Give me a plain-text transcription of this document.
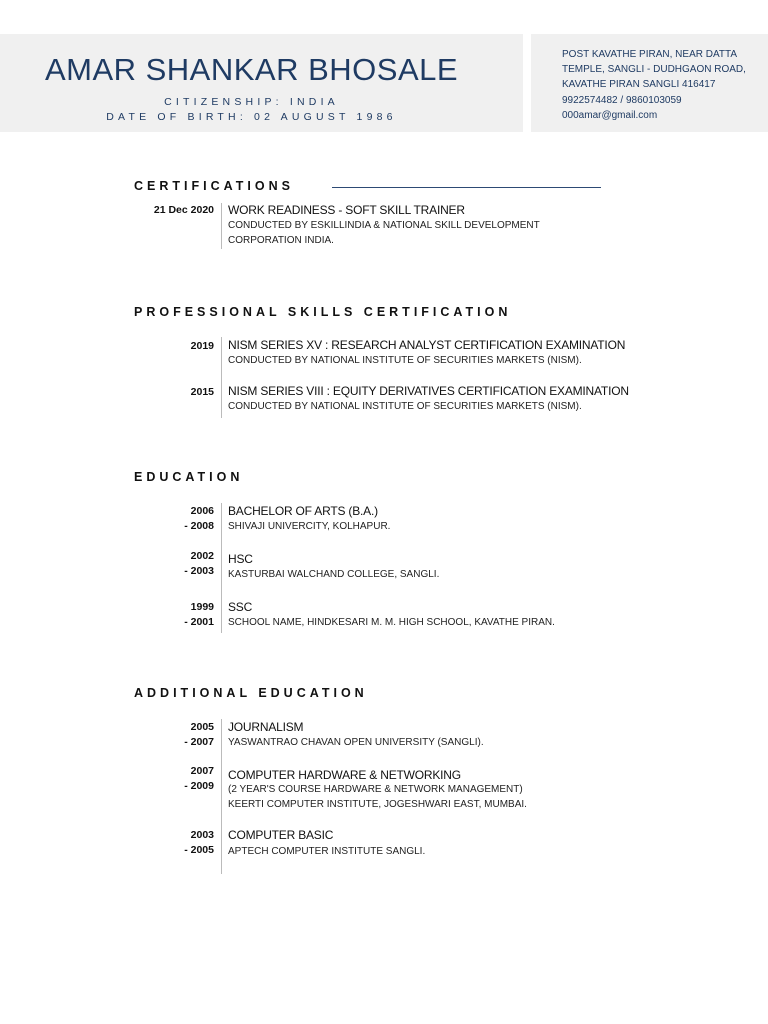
AMAR SHANKAR BHOSALE
CITIZENSHIP: INDIA
DATE OF BIRTH: 02 AUGUST 1986
POST KAVATHE PIRAN, NEAR DATTA
TEMPLE, SANGLI - DUDHGAON ROAD,
KAVATHE PIRAN SANGLI 416417
9922574482 / 9860103059
000amar@gmail.com
CERTIFICATIONS
21 Dec 2020 WORK READINESS - SOFT SKILL TRAINER
CONDUCTED BY ESKILLINDIA & NATIONAL SKILL DEVELOPMENT
CORPORATION INDIA.
PROFESSIONAL SKILLS CERTIFICATION
2019 NISM SERIES XV : RESEARCH ANALYST CERTIFICATION EXAMINATION
CONDUCTED BY NATIONAL INSTITUTE OF SECURITIES MARKETS (NISM).
2015 NISM SERIES VIII : EQUITY DERIVATIVES CERTIFICATION EXAMINATION
CONDUCTED BY NATIONAL INSTITUTE OF SECURITIES MARKETS (NISM).
EDUCATION
2006
- 2008
BACHELOR OF ARTS (B.A.)
SHIVAJI UNIVERCITY, KOLHAPUR.
2002
- 2003
HSC
KASTURBAI WALCHAND COLLEGE, SANGLI.
1999
- 2001
SSC
SCHOOL NAME, HINDKESARI M. M. HIGH SCHOOL, KAVATHE PIRAN.
ADDITIONAL EDUCATION
2005
- 2007
JOURNALISM
YASWANTRAO CHAVAN OPEN UNIVERSITY (SANGLI).
2007
- 2009
COMPUTER HARDWARE & NETWORKING
(2 YEAR'S COURSE HARDWARE & NETWORK MANAGEMENT)
KEERTI COMPUTER INSTITUTE, JOGESHWARI EAST, MUMBAI.
2003
- 2005
COMPUTER BASIC
APTECH COMPUTER INSTITUTE SANGLI.
